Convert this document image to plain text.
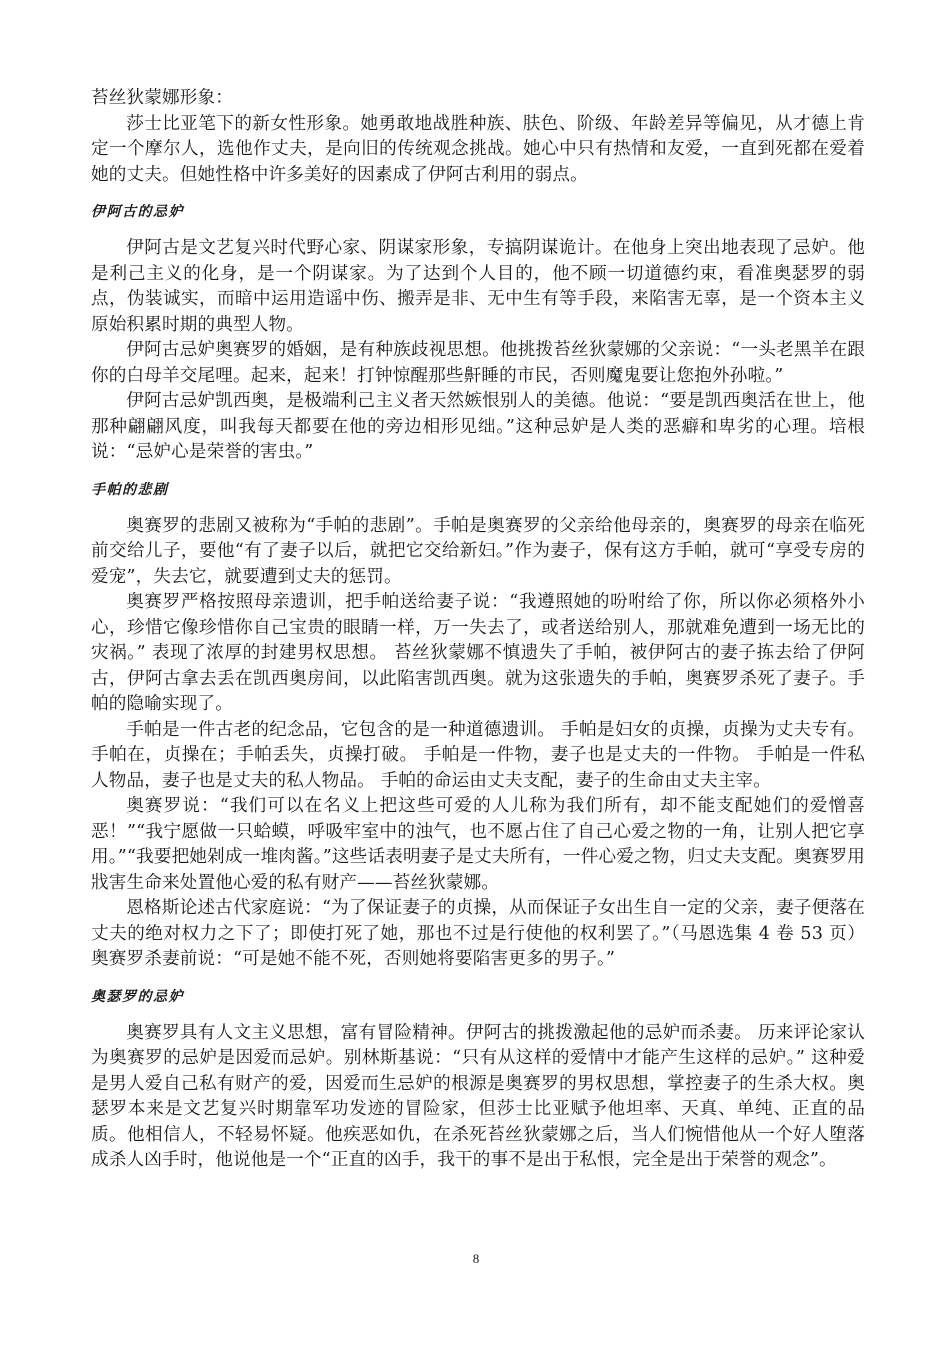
苔丝狄蒙娜形象：

莎士比亚笔下的新女性形象。她勇敢地战胜种族、肤色、阶级、年龄差异等偏见，从才德上肯定一个摩尔人，选他作丈夫，是向旧的传统观念挑战。她心中只有热情和友爱，一直到死都在爱着她的丈夫。但她性格中许多美好的因素成了伊阿古利用的弱点。

伊阿古的忌妒

伊阿古是文艺复兴时代野心家、阴谋家形象，专搞阴谋诡计。在他身上突出地表现了忌妒。他是利己主义的化身，是一个阴谋家。为了达到个人目的，他不顾一切道德约束，看准奥瑟罗的弱点，伪装诚实，而暗中运用造谣中伤、搬弄是非、无中生有等手段，来陷害无辜，是一个资本主义原始积累时期的典型人物。

伊阿古忌妒奥赛罗的婚姻，是有种族歧视思想。他挑拨苔丝狄蒙娜的父亲说：“一头老黑羊在跟你的白母羊交尾哩。起来，起来！打钟惊醒那些鼾睡的市民，否则魔鬼要让您抱外孙啦。”

伊阿古忌妒凯西奥，是极端利己主义者天然嫉恨别人的美德。他说：“要是凯西奥活在世上，他那种翩翩风度，叫我每天都要在他的旁边相形见绌。”这种忌妒是人类的恶癖和卑劣的心理。培根说：“忌妒心是荣誉的害虫。”

手帕的悲剧

奥赛罗的悲剧又被称为“手帕的悲剧”。手帕是奥赛罗的父亲给他母亲的，奥赛罗的母亲在临死前交给儿子，要他“有了妻子以后，就把它交给新妇。”作为妻子，保有这方手帕，就可“享受专房的爱宠”，失去它，就要遭到丈夫的惩罚。

奥赛罗严格按照母亲遗训，把手帕送给妻子说：“我遵照她的吩咐给了你，所以你必须格外小心，珍惜它像珍惜你自己宝贵的眼睛一样，万一失去了，或者送给别人，那就难免遭到一场无比的灾祸。” 表现了浓厚的封建男权思想。 苔丝狄蒙娜不慎遗失了手帕，被伊阿古的妻子拣去给了伊阿古，伊阿古拿去丢在凯西奥房间，以此陷害凯西奥。就为这张遗失的手帕，奥赛罗杀死了妻子。手帕的隐喻实现了。

手帕是一件古老的纪念品，它包含的是一种道德遗训。 手帕是妇女的贞操，贞操为丈夫专有。手帕在，贞操在；手帕丢失，贞操打破。 手帕是一件物，妻子也是丈夫的一件物。 手帕是一件私人物品，妻子也是丈夫的私人物品。 手帕的命运由丈夫支配，妻子的生命由丈夫主宰。

奥赛罗说：“我们可以在名义上把这些可爱的人儿称为我们所有，却不能支配她们的爱憎喜恶！”“我宁愿做一只蛤蟆，呼吸牢室中的浊气，也不愿占住了自己心爱之物的一角，让别人把它享用。”“我要把她剁成一堆肉酱。”这些话表明妻子是丈夫所有，一件心爱之物，归丈夫支配。奥赛罗用戕害生命来处置他心爱的私有财产——苔丝狄蒙娜。

恩格斯论述古代家庭说：“为了保证妻子的贞操，从而保证子女出生自一定的父亲，妻子便落在丈夫的绝对权力之下了；即使打死了她，那也不过是行使他的权利罢了。”（马恩选集 4 卷 53 页） 奥赛罗杀妻前说：“可是她不能不死，否则她将要陷害更多的男子。”

奥瑟罗的忌妒

奥赛罗具有人文主义思想，富有冒险精神。伊阿古的挑拨激起他的忌妒而杀妻。 历来评论家认为奥赛罗的忌妒是因爱而忌妒。别林斯基说：“只有从这样的爱情中才能产生这样的忌妒。” 这种爱是男人爱自己私有财产的爱，因爱而生忌妒的根源是奥赛罗的男权思想，掌控妻子的生杀大权。奥瑟罗本来是文艺复兴时期靠军功发迹的冒险家，但莎士比亚赋予他坦率、天真、单纯、正直的品质。他相信人，不轻易怀疑。他疾恶如仇，在杀死苔丝狄蒙娜之后，当人们惋惜他从一个好人堕落成杀人凶手时，他说他是一个“正直的凶手，我干的事不是出于私恨，完全是出于荣誉的观念”。

8
